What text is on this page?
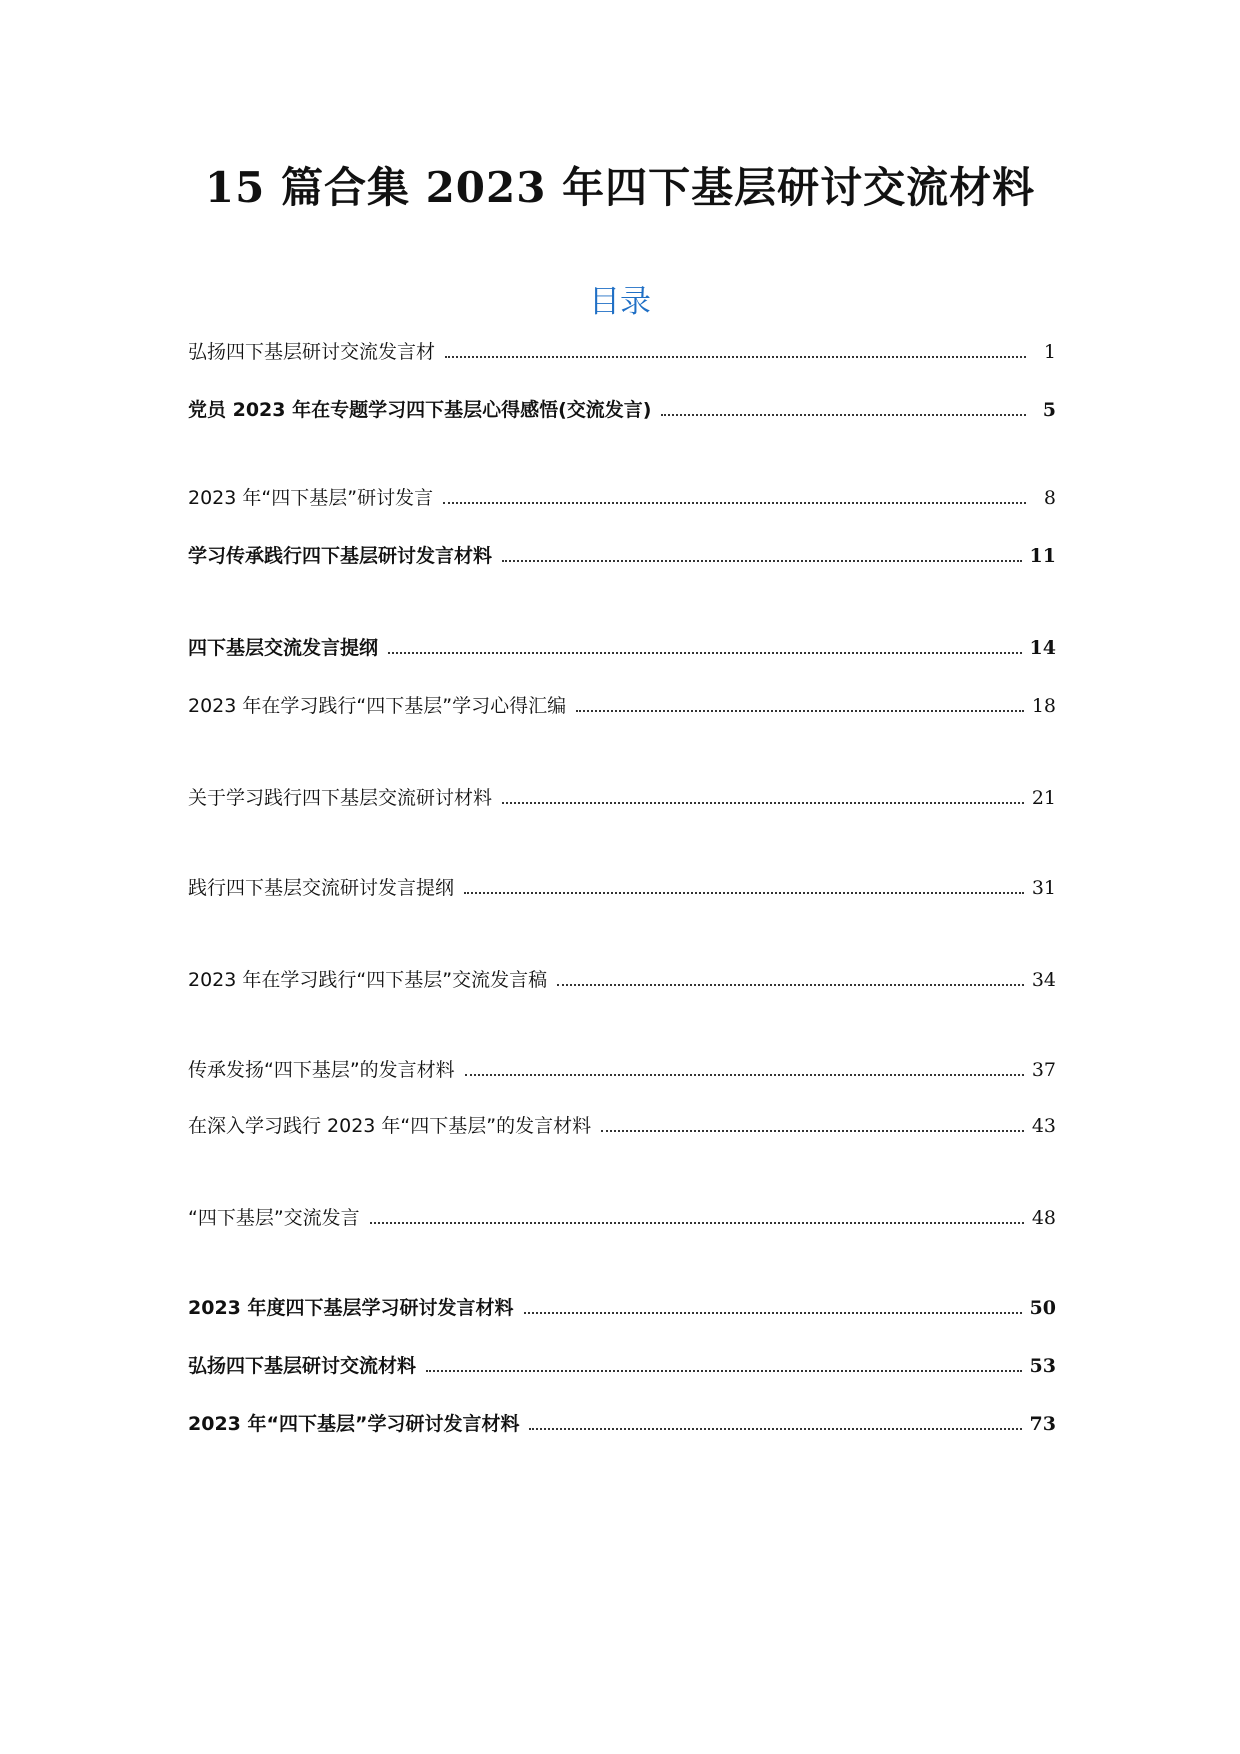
15 篇合集 2023 年四下基层研讨交流材料
目录
弘扬四下基层研讨交流发言材	1
党员 2023 年在专题学习四下基层心得感悟(交流发言)	5
2023 年“四下基层”研讨发言	8
学习传承践行四下基层研讨发言材料	11
四下基层交流发言提纲	14
2023 年在学习践行“四下基层”学习心得汇编	18
关于学习践行四下基层交流研讨材料	21
践行四下基层交流研讨发言提纲	31
2023 年在学习践行“四下基层”交流发言稿	34
传承发扬“四下基层”的发言材料	37
在深入学习践行 2023 年“四下基层”的发言材料	43
“四下基层”交流发言	48
2023 年度四下基层学习研讨发言材料	50
弘扬四下基层研讨交流材料	53
2023 年“四下基层”学习研讨发言材料	73
